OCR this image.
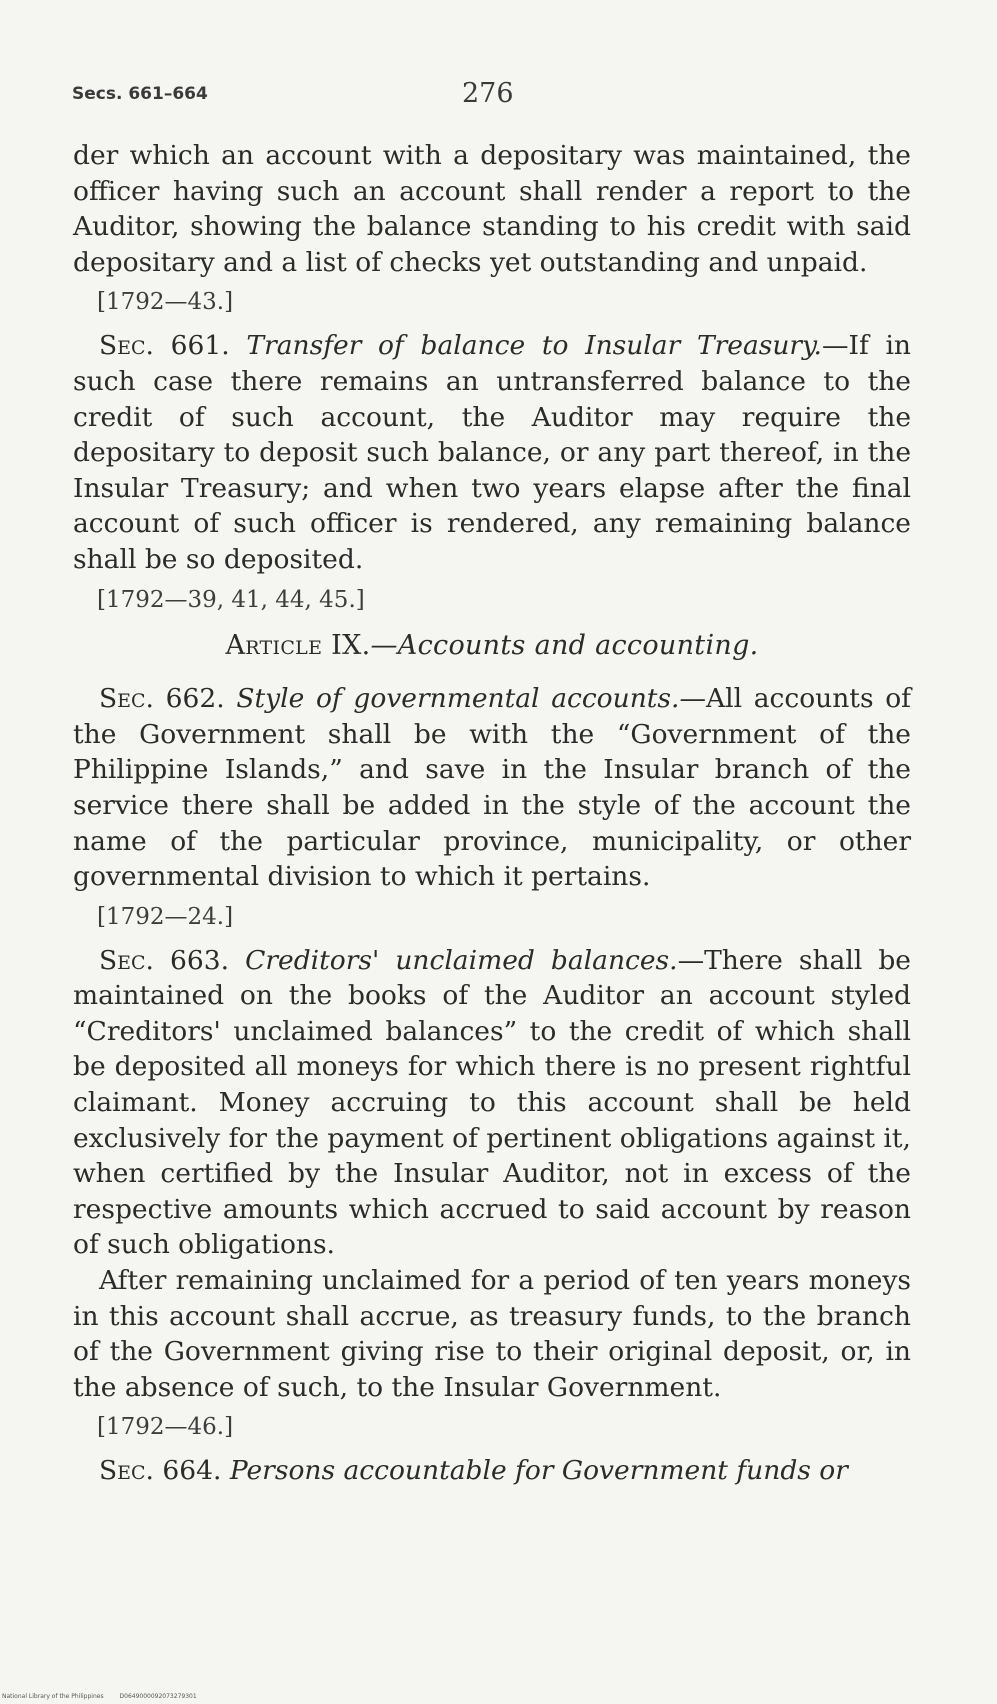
Secs. 661–664	276

der which an account with a depositary was maintained, the officer having such an account shall render a report to the Auditor, showing the balance standing to his credit with said depositary and a list of checks yet outstanding and unpaid.

[1792—43.]

Sec. 661. Transfer of balance to Insular Treasury.—If in such case there remains an untransferred balance to the credit of such account, the Auditor may require the depositary to deposit such balance, or any part thereof, in the Insular Treasury; and when two years elapse after the final account of such officer is rendered, any remaining balance shall be so deposited.

[1792—39, 41, 44, 45.]

Article IX.—Accounts and accounting.

Sec. 662. Style of governmental accounts.—All accounts of the Government shall be with the “Government of the Philippine Islands,” and save in the Insular branch of the service there shall be added in the style of the account the name of the particular province, municipality, or other governmental division to which it pertains.

[1792—24.]

Sec. 663. Creditors' unclaimed balances.—There shall be maintained on the books of the Auditor an account styled “Creditors' unclaimed balances” to the credit of which shall be deposited all moneys for which there is no present rightful claimant. Money accruing to this account shall be held exclusively for the payment of pertinent obligations against it, when certified by the Insular Auditor, not in excess of the respective amounts which accrued to said account by reason of such obligations.

After remaining unclaimed for a period of ten years moneys in this account shall accrue, as treasury funds, to the branch of the Government giving rise to their original deposit, or, in the absence of such, to the Insular Government.

[1792—46.]

Sec. 664. Persons accountable for Government funds or

National Library of the Philippines	D0649000092073279301
